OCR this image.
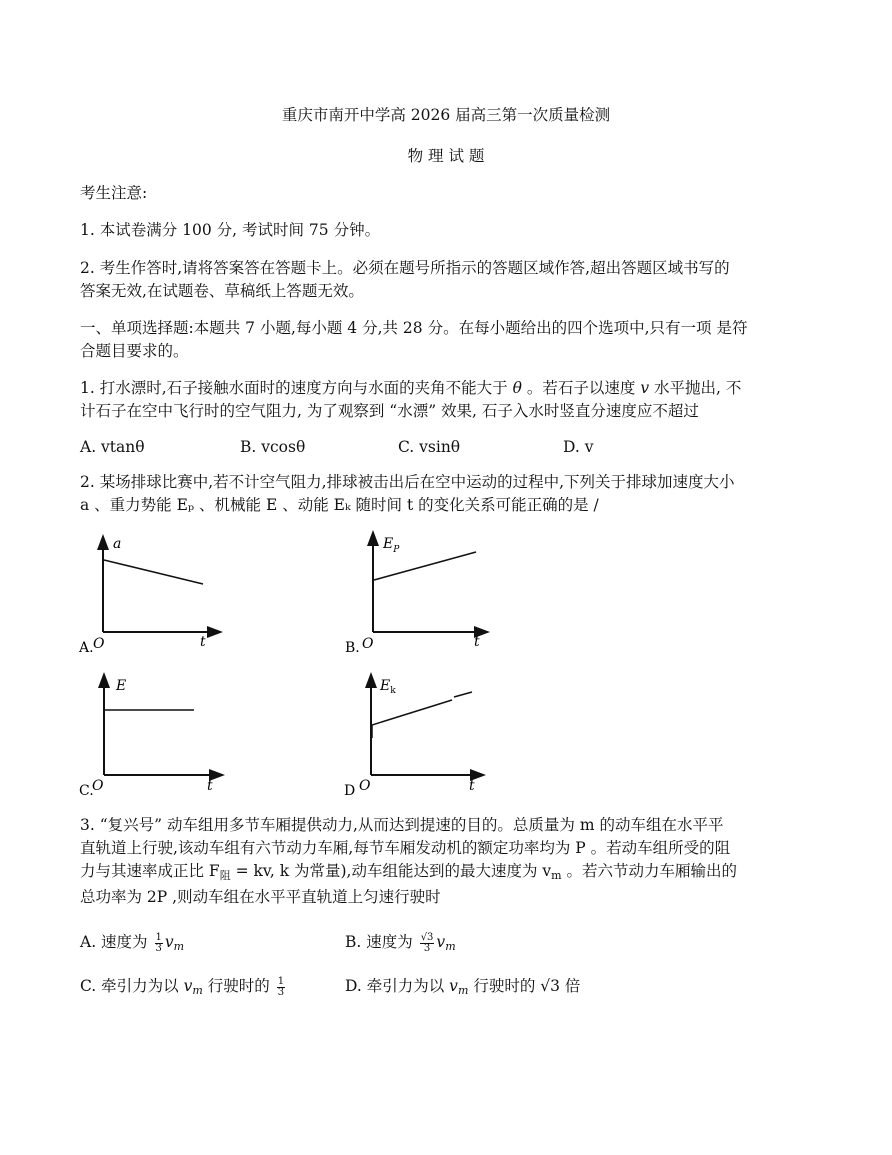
重庆市南开中学高 2026 届高三第一次质量检测
物 理 试 题
考生注意:
1. 本试卷满分 100 分, 考试时间 75 分钟。
2. 考生作答时,请将答案答在答题卡上。必须在题号所指示的答题区域作答,超出答题区域书写的
答案无效,在试题卷、草稿纸上答题无效。
一、单项选择题:本题共 7 小题,每小题 4 分,共 28 分。在每小题给出的四个选项中,只有一项 是符
合题目要求的。
1. 打水漂时,石子接触水面时的速度方向与水面的夹角不能大于 θ 。若石子以速度 v 水平抛出, 不
计石子在空中飞行时的空气阻力, 为了观察到 “水漂” 效果, 石子入水时竖直分速度应不超过
A. vtanθ	B. vcosθ	C. vsinθ	D. v
2. 某场排球比赛中,若不计空气阻力,排球被击出后在空中运动的过程中,下列关于排球加速度大小
a 、重力势能 Eₚ 、机械能 E 、动能 Eₖ 随时间 t 的变化关系可能正确的是 /
a
t
O
A.
$E_P$
t
O
B.
E
t
O
C.
$E_k$
t
O
D
3. “复兴号” 动车组用多节车厢提供动力,从而达到提速的目的。总质量为 m 的动车组在水平平
直轨道上行驶,该动车组有六节动力车厢,每节车厢发动机的额定功率均为 P 。若动车组所受的阻
力与其速率成正比 $F_阻$ = kv, k 为常量),动车组能达到的最大速度为 $v_m$ 。若六节动力车厢输出的
总功率为 2P ,则动车组在水平平直轨道上匀速行驶时
A. 速度为 $\frac{1}{3} v_m$	B. 速度为 $\frac{√3}{3} v_m$
C. 牵引力为以 $v_m$ 行驶时的 $\frac{1}{3}$	D. 牵引力为以 $v_m$ 行驶时的 √3 倍
